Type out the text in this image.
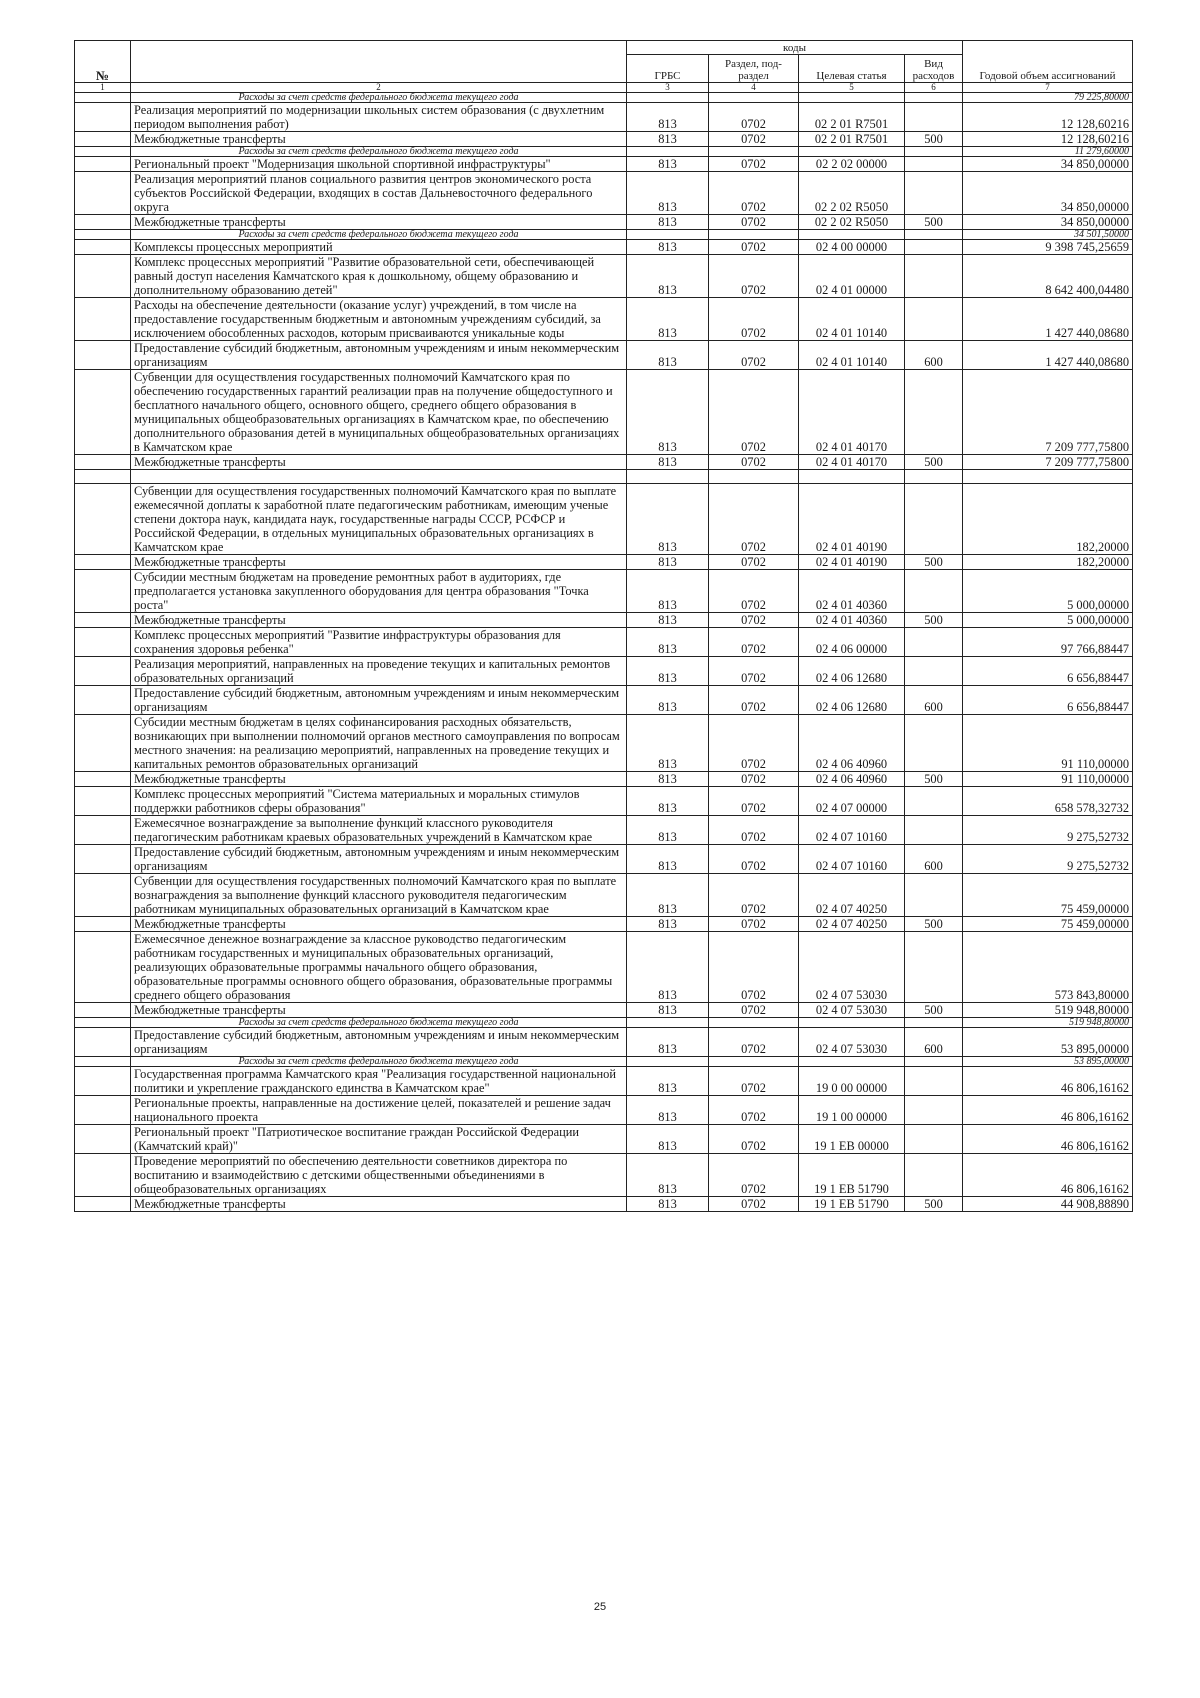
№		коды				Годовой объем ассигнований
		ГРБС	Раздел, под-раздел	Целевая статья	Вид расходов	
1	2	3	4	5	6	7
	Расходы за счет средств федерального бюджета текущего года					79 225,80000
	Реализация мероприятий по модернизации школьных систем образования (с двухлетним периодом выполнения работ)	813	0702	02 2 01 R7501		12 128,60216
	Межбюджетные трансферты	813	0702	02 2 01 R7501	500	12 128,60216
	Расходы за счет средств федерального бюджета текущего года					11 279,60000
	Региональный проект "Модернизация школьной спортивной инфраструктуры"	813	0702	02 2 02 00000		34 850,00000
	Реализация мероприятий планов социального развития центров экономического роста субъектов Российской Федерации, входящих в состав Дальневосточного федерального округа	813	0702	02 2 02 R5050		34 850,00000
	Межбюджетные трансферты	813	0702	02 2 02 R5050	500	34 850,00000
	Расходы за счет средств федерального бюджета текущего года					34 501,50000
	Комплексы процессных мероприятий	813	0702	02 4 00 00000		9 398 745,25659
	Комплекс процессных мероприятий "Развитие образовательной сети, обеспечивающей равный доступ населения Камчатского края к дошкольному, общему образованию и дополнительному образованию детей"	813	0702	02 4 01 00000		8 642 400,04480
	Расходы на обеспечение деятельности (оказание услуг) учреждений, в том числе на предоставление государственным бюджетным и автономным учреждениям субсидий, за исключением обособленных расходов, которым присваиваются уникальные коды	813	0702	02 4 01 10140		1 427 440,08680
	Предоставление субсидий бюджетным, автономным учреждениям и иным некоммерческим организациям	813	0702	02 4 01 10140	600	1 427 440,08680
	Субвенции для осуществления государственных полномочий Камчатского края по обеспечению государственных гарантий реализации прав на получение общедоступного и бесплатного начального общего, основного общего, среднего общего образования в муниципальных общеобразовательных организациях в Камчатском крае, по обеспечению дополнительного образования детей в муниципальных общеобразовательных организациях в Камчатском крае	813	0702	02 4 01 40170		7 209 777,75800
	Межбюджетные трансферты	813	0702	02 4 01 40170	500	7 209 777,75800

	Субвенции для осуществления государственных полномочий Камчатского края по выплате ежемесячной доплаты к заработной плате педагогическим работникам, имеющим ученые степени доктора наук, кандидата наук, государственные награды СССР, РСФСР и Российской Федерации, в отдельных муниципальных образовательных организациях в Камчатском крае	813	0702	02 4 01 40190		182,20000
	Межбюджетные трансферты	813	0702	02 4 01 40190	500	182,20000
	Субсидии местным бюджетам на проведение ремонтных работ в аудиториях, где предполагается установка закупленного оборудования для центра образования "Точка роста"	813	0702	02 4 01 40360		5 000,00000
	Межбюджетные трансферты	813	0702	02 4 01 40360	500	5 000,00000
	Комплекс процессных мероприятий "Развитие инфраструктуры образования для сохранения здоровья ребенка"	813	0702	02 4 06 00000		97 766,88447
	Реализация мероприятий, направленных на проведение текущих и капитальных ремонтов образовательных организаций	813	0702	02 4 06 12680		6 656,88447
	Предоставление субсидий бюджетным, автономным учреждениям и иным некоммерческим организациям	813	0702	02 4 06 12680	600	6 656,88447
	Субсидии местным бюджетам в целях софинансирования расходных обязательств, возникающих при выполнении полномочий органов местного самоуправления по вопросам местного значения: на реализацию мероприятий, направленных на проведение текущих и капитальных ремонтов образовательных организаций	813	0702	02 4 06 40960		91 110,00000
	Межбюджетные трансферты	813	0702	02 4 06 40960	500	91 110,00000
	Комплекс процессных мероприятий "Система материальных и моральных стимулов поддержки работников сферы образования"	813	0702	02 4 07 00000		658 578,32732
	Ежемесячное вознаграждение за выполнение функций классного руководителя педагогическим работникам краевых образовательных учреждений в Камчатском крае	813	0702	02 4 07 10160		9 275,52732
	Предоставление субсидий бюджетным, автономным учреждениям и иным некоммерческим организациям	813	0702	02 4 07 10160	600	9 275,52732
	Субвенции для осуществления государственных полномочий Камчатского края по выплате вознаграждения за выполнение функций классного руководителя педагогическим работникам муниципальных образовательных организаций в Камчатском крае	813	0702	02 4 07 40250		75 459,00000
	Межбюджетные трансферты	813	0702	02 4 07 40250	500	75 459,00000
	Ежемесячное денежное вознаграждение за классное руководство педагогическим работникам государственных и муниципальных образовательных организаций, реализующих образовательные программы начального общего образования, образовательные программы основного общего образования, образовательные программы среднего общего образования	813	0702	02 4 07 53030		573 843,80000
	Межбюджетные трансферты	813	0702	02 4 07 53030	500	519 948,80000
	Расходы за счет средств федерального бюджета текущего года					519 948,80000
	Предоставление субсидий бюджетным, автономным учреждениям и иным некоммерческим организациям	813	0702	02 4 07 53030	600	53 895,00000
	Расходы за счет средств федерального бюджета текущего года					53 895,00000
	Государственная программа Камчатского края "Реализация государственной национальной политики и укрепление гражданского единства в Камчатском крае"	813	0702	19 0 00 00000		46 806,16162
	Региональные проекты, направленные на достижение целей, показателей и решение задач национального проекта	813	0702	19 1 00 00000		46 806,16162
	Региональный проект "Патриотическое воспитание граждан Российской Федерации (Камчатский край)"	813	0702	19 1 ЕВ 00000		46 806,16162
	Проведение мероприятий по обеспечению деятельности советников директора по воспитанию и взаимодействию с детскими общественными объединениями в общеобразовательных организациях	813	0702	19 1 ЕВ 51790		46 806,16162
	Межбюджетные трансферты	813	0702	19 1 ЕВ 51790	500	44 908,88890
25
